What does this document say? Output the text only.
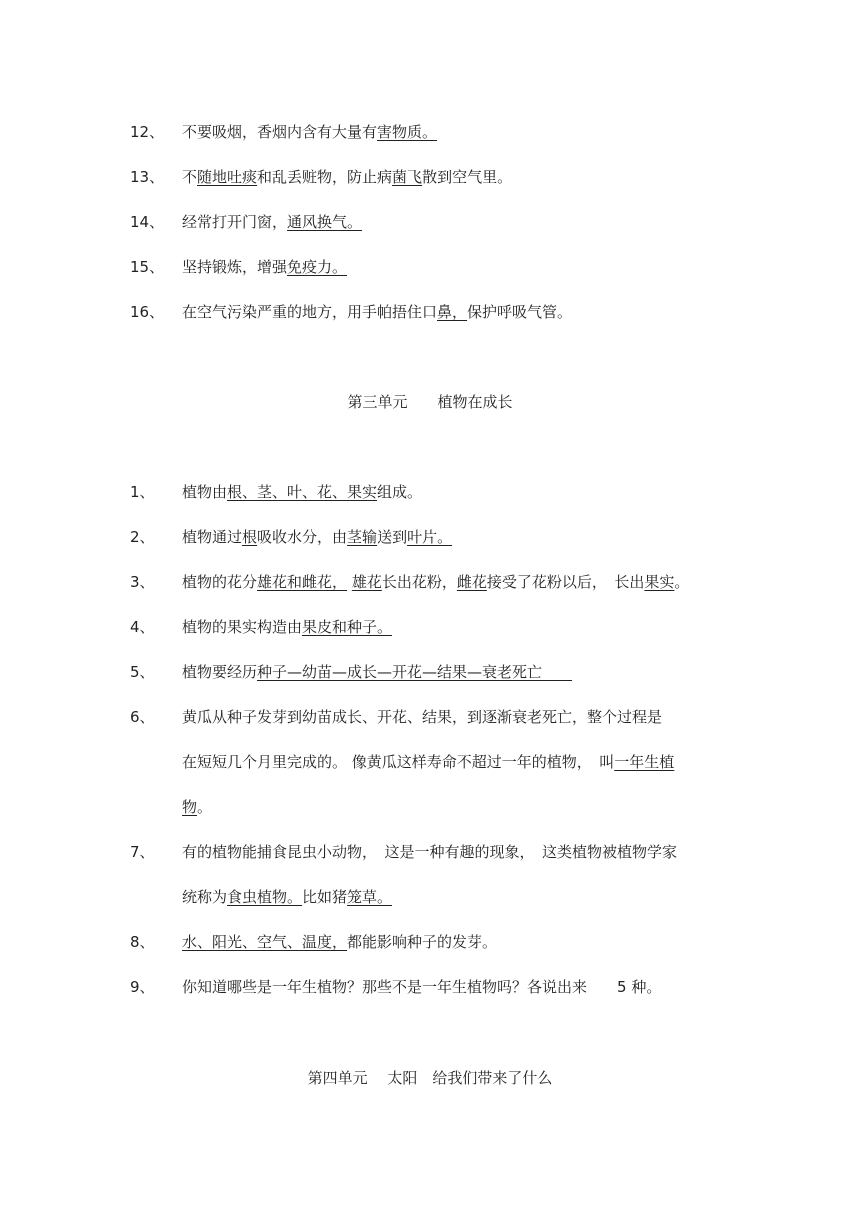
12、 不要吸烟，香烟内含有大量有害物质。
13、 不随地吐痰和乱丢赃物，防止病菌飞散到空气里。
14、 经常打开门窗，通风换气。
15、 坚持锻炼，增强免疫力。
16、 在空气污染严重的地方，用手帕捂住口鼻，保护呼吸气管。
第三单元　　植物在成长
1、 植物由根、茎、叶、花、果实组成。
2、 植物通过根吸收水分，由茎输送到叶片。
3、 植物的花分雄花和雌花， 雄花长出花粉，雌花接受了花粉以后，　长出果实。
4、 植物的果实构造由果皮和种子。
5、 植物要经历种子—幼苗—成长—开花—结果—衰老死亡　　
6、 黄瓜从种子发芽到幼苗成长、开花、结果，到逐渐衰老死亡，整个过程是
在短短几个月里完成的。 像黄瓜这样寿命不超过一年的植物，　叫一年生植
物。
7、 有的植物能捕食昆虫小动物，　这是一种有趣的现象，　这类植物被植物学家
统称为食虫植物。比如猪笼草。
8、 水、阳光、空气、温度，都能影响种子的发芽。
9、 你知道哪些是一年生植物？那些不是一年生植物吗？各说出来　　5 种。
第四单元　 太阳　给我们带来了什么
